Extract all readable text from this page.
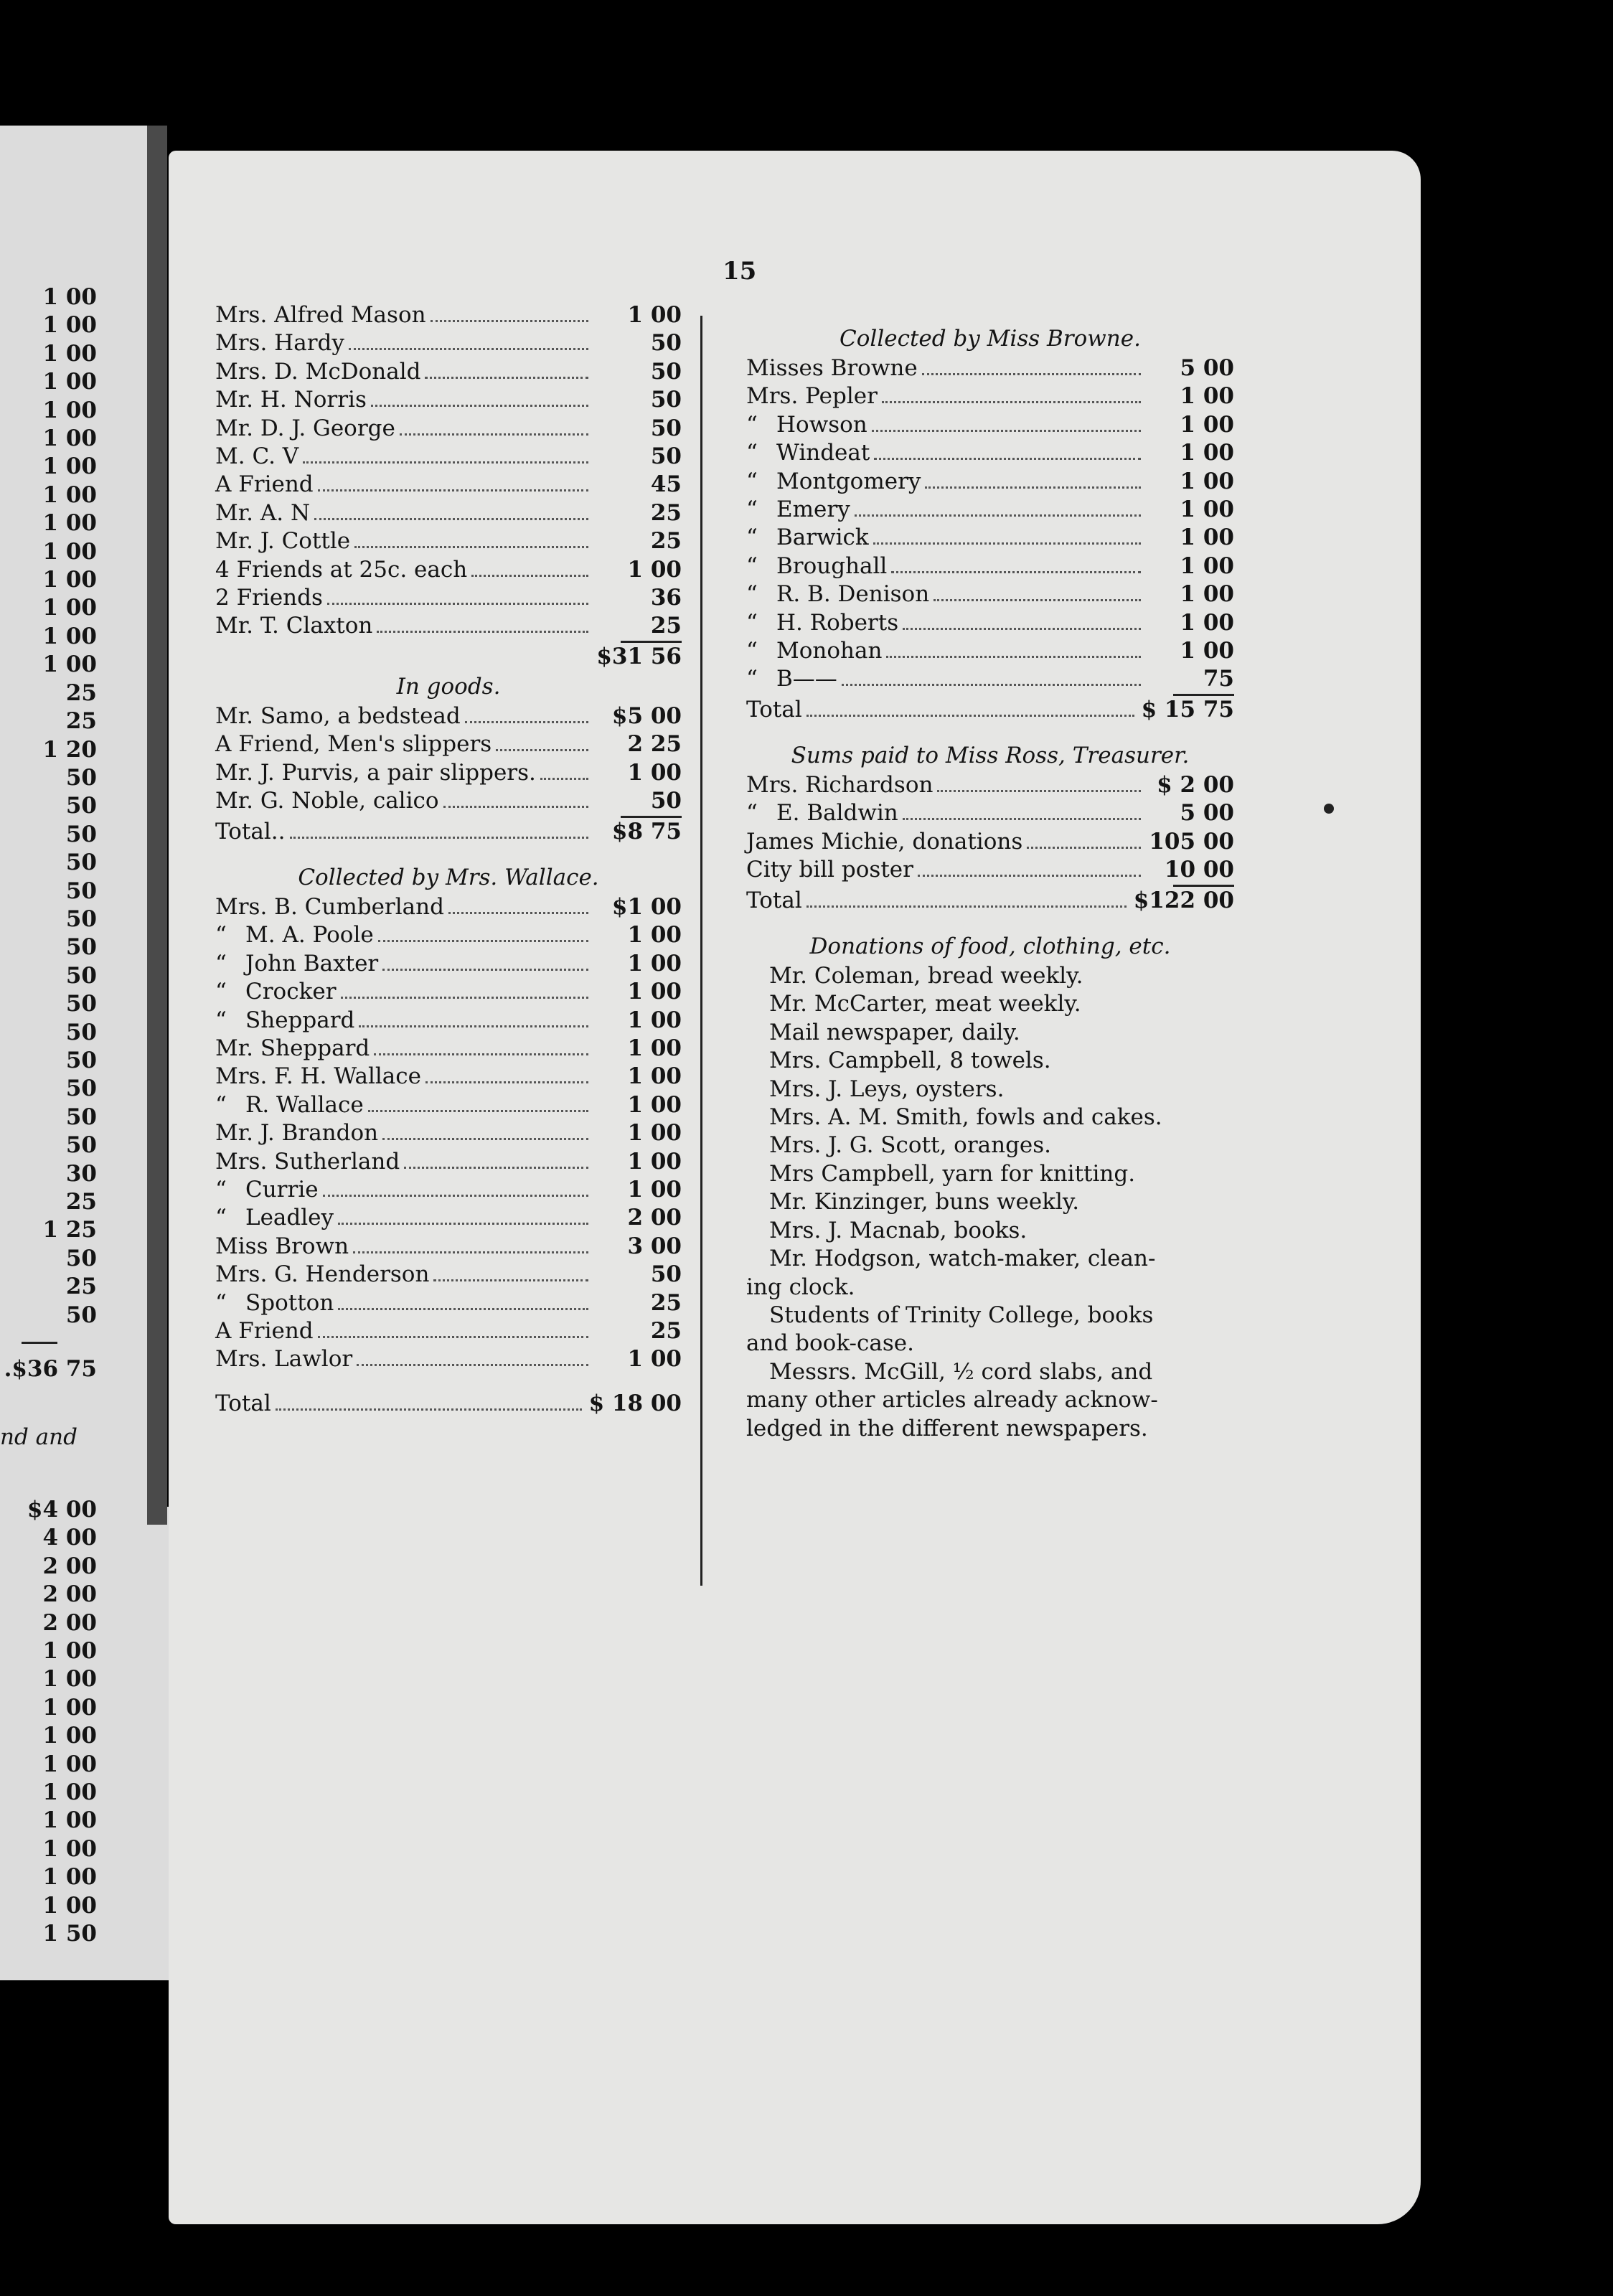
1 00
1 00
1 00
1 00
1 00
1 00
1 00
1 00
1 00
1 00
1 00
1 00
1 00
1 00
25
25
1 20
50
50
50
50
50
50
50
50
50
50
50
50
50
50
30
25
1 25
50
25
50
.$36 75
nd and
$4 00
4 00
2 00
2 00
2 00
1 00
1 00
1 00
1 00
1 00
1 00
1 00
1 00
1 00
1 00
1 50
15
Mrs. Alfred Mason	1 00
Mrs. Hardy	50
Mrs. D. McDonald	50
Mr. H. Norris	50
Mr. D. J. George	50
M. C. V	50
A Friend	45
Mr. A. N	25
Mr. J. Cottle	25
4 Friends at 25c. each	1 00
2 Friends	36
Mr. T. Claxton	25
$31 56
In goods.
Mr. Samo, a bedstead	$5 00
A Friend, Men's slippers	2 25
Mr. J. Purvis, a pair slippers.	1 00
Mr. G. Noble, calico	50
Total..	$8 75
Collected by Mrs. Wallace.
Mrs. B. Cumberland	$1 00
“ M. A. Poole	1 00
“ John Baxter	1 00
“ Crocker	1 00
“ Sheppard	1 00
Mr. Sheppard	1 00
Mrs. F. H. Wallace	1 00
“ R. Wallace	1 00
Mr. J. Brandon	1 00
Mrs. Sutherland	1 00
“ Currie	1 00
“ Leadley	2 00
Miss Brown	3 00
Mrs. G. Henderson	50
“ Spotton	25
A Friend	25
Mrs. Lawlor	1 00
Total	$ 18 00
Collected by Miss Browne.
Misses Browne	5 00
Mrs. Pepler	1 00
“ Howson	1 00
“ Windeat	1 00
“ Montgomery	1 00
“ Emery	1 00
“ Barwick	1 00
“ Broughall	1 00
“ R. B. Denison	1 00
“ H. Roberts	1 00
“ Monohan	1 00
“ B——	75
Total	$ 15 75
Sums paid to Miss Ross, Treasurer.
Mrs. Richardson	$ 2 00
“ E. Baldwin	5 00
James Michie, donations	105 00
City bill poster	10 00
Total	$122 00
Donations of food, clothing, etc.
Mr. Coleman, bread weekly.
Mr. McCarter, meat weekly.
Mail newspaper, daily.
Mrs. Campbell, 8 towels.
Mrs. J. Leys, oysters.
Mrs. A. M. Smith, fowls and cakes.
Mrs. J. G. Scott, oranges.
Mrs Campbell, yarn for knitting.
Mr. Kinzinger, buns weekly.
Mrs. J. Macnab, books.
Mr. Hodgson, watch-maker, clean-
ing clock.
Students of Trinity College, books
and book-case.
Messrs. McGill, ½ cord slabs, and
many other articles already acknow-
ledged in the different newspapers.
